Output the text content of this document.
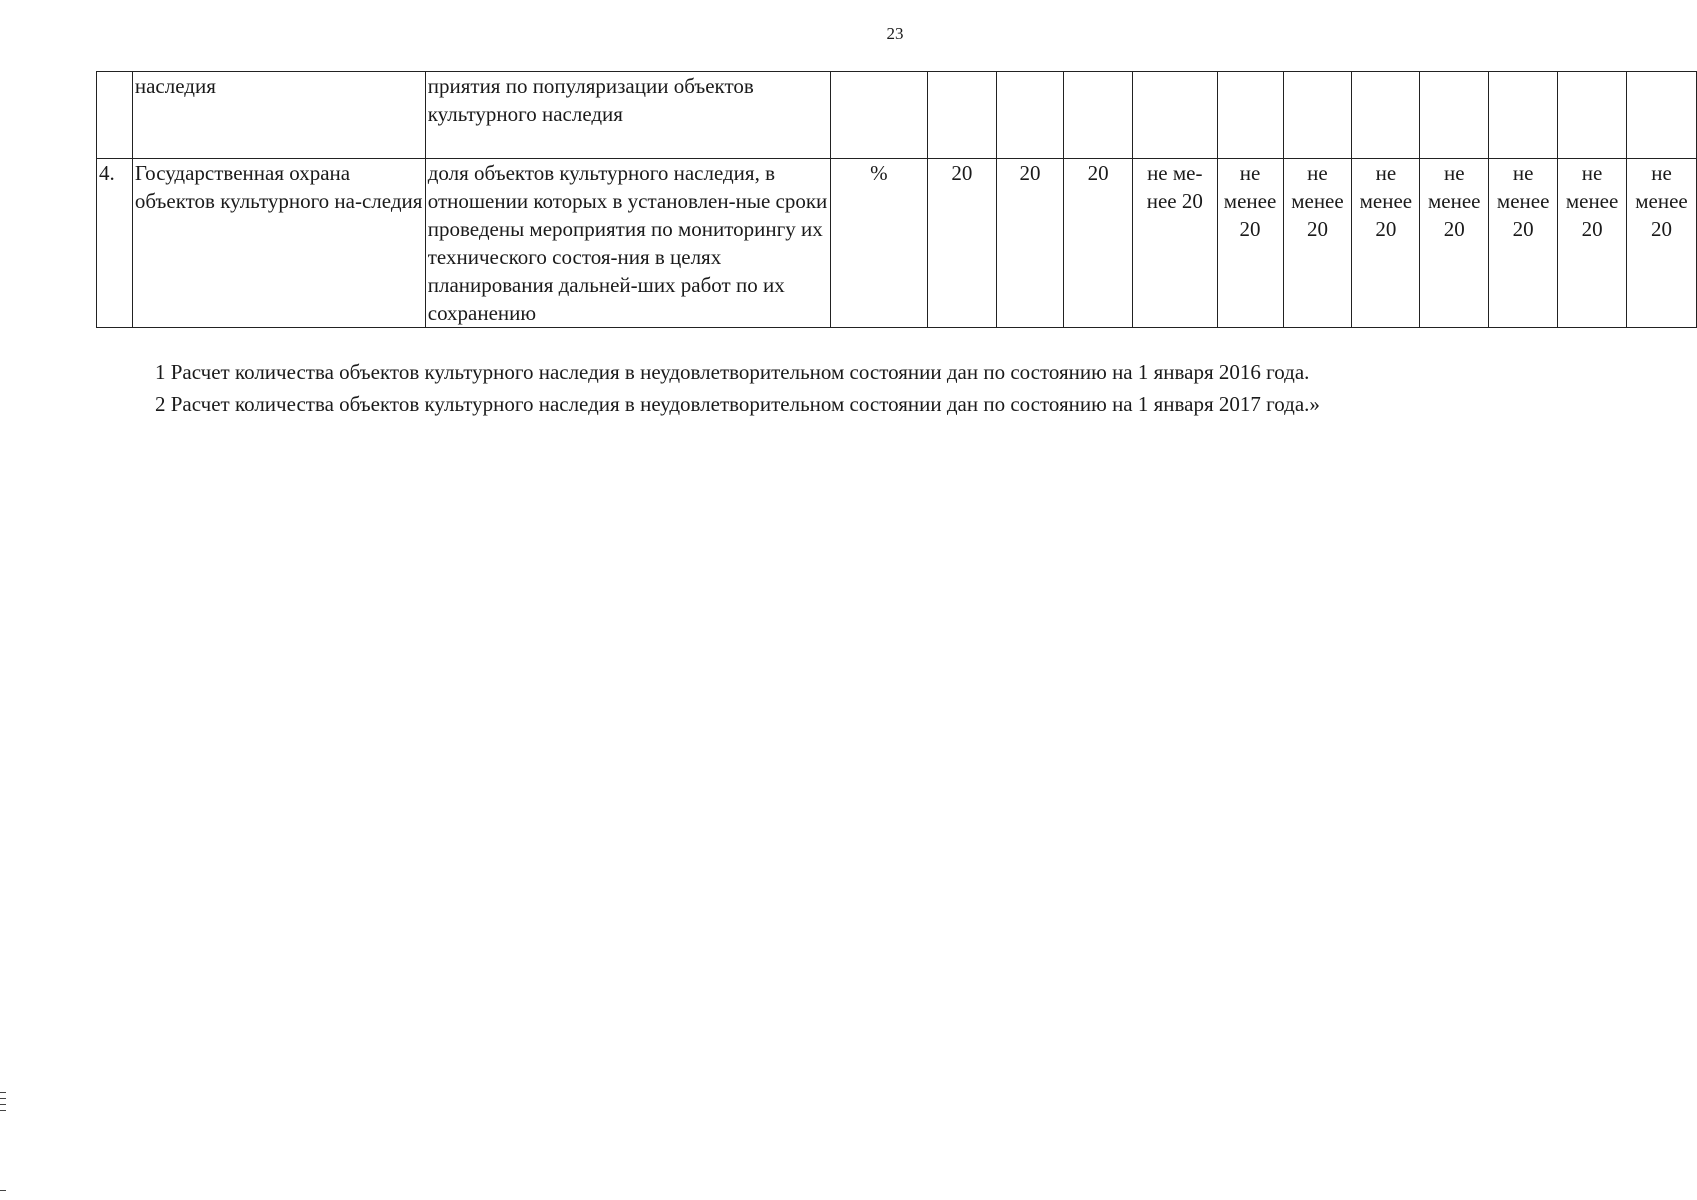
23
	наследия	приятия по популяризации объектов культурного наследия												
4.	Государственная охрана объектов культурного на-следия	доля объектов культурного наследия, в отношении которых в установлен-ные сроки проведены мероприятия по мониторингу их технического состоя-ния в целях планирования дальней-ших работ по их сохранению	%	20	20	20	не ме-нее 20	не менее 20	не менее 20	не менее 20	не менее 20	не менее 20	не менее 20	не менее 20
1 Расчет количества объектов культурного наследия в неудовлетворительном состоянии дан по состоянию на 1 января 2016 года.
2 Расчет количества объектов культурного наследия в неудовлетворительном состоянии дан по состоянию на 1 января 2017 года.»
